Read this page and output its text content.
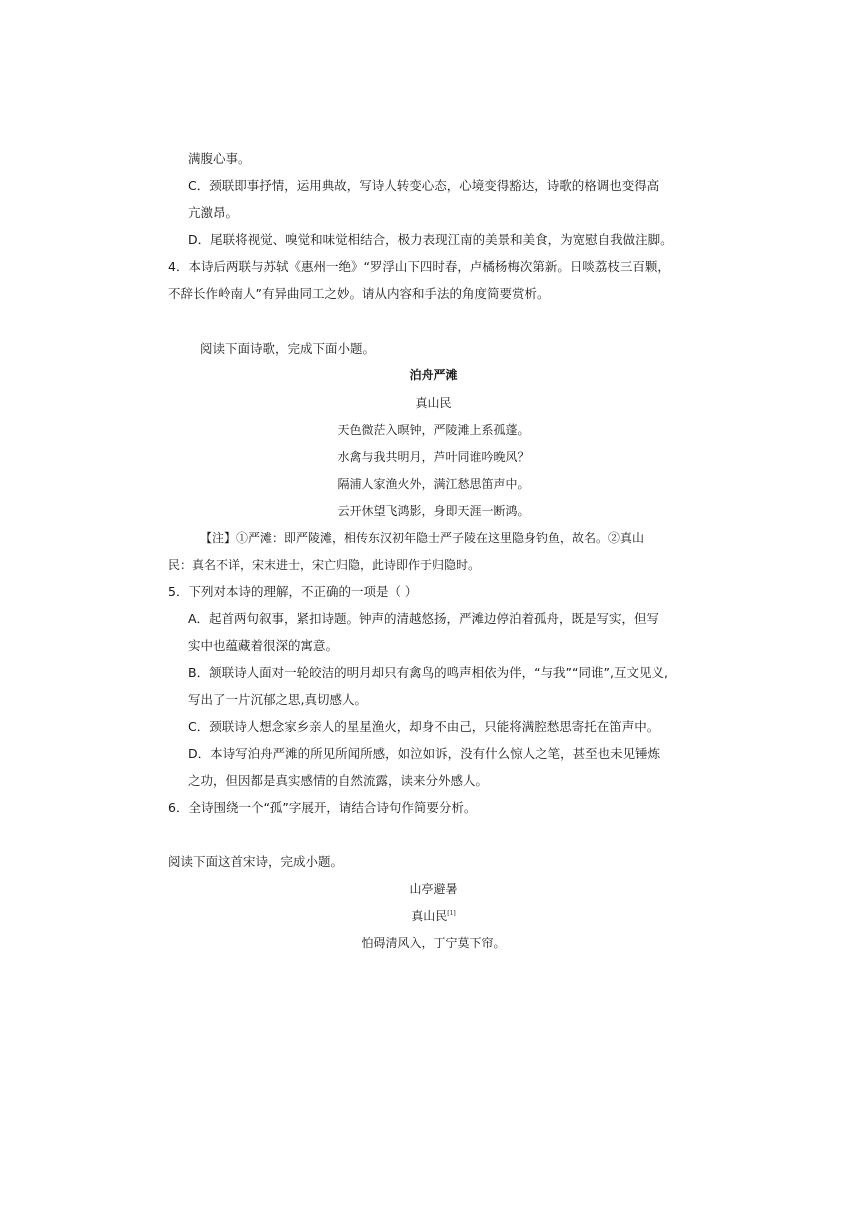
满腹心事。
C．颈联即事抒情，运用典故，写诗人转变心态，心境变得豁达，诗歌的格调也变得高
亢激昂。
D．尾联将视觉、嗅觉和味觉相结合，极力表现江南的美景和美食，为宽慰自我做注脚。
4．本诗后两联与苏轼《惠州一绝》“罗浮山下四时春，卢橘杨梅次第新。日啖荔枝三百颗，
不辞长作岭南人”有异曲同工之妙。请从内容和手法的角度简要赏析。
阅读下面诗歌，完成下面小题。
泊舟严滩
真山民
天色微茫入暝钟，严陵滩上系孤蓬。
水禽与我共明月，芦叶同谁吟晚风？
隔浦人家渔火外，满江愁思笛声中。
云开休望飞鸿影，身即天涯一断鸿。
【注】①严滩：即严陵滩，相传东汉初年隐士严子陵在这里隐身钓鱼，故名。②真山
民：真名不详，宋末进士，宋亡归隐，此诗即作于归隐时。
5．下列对本诗的理解，不正确的一项是（ ）
A．起首两句叙事，紧扣诗题。钟声的清越悠扬，严滩边停泊着孤舟，既是写实，但写
实中也蕴藏着很深的寓意。
B．颔联诗人面对一轮皎洁的明月却只有禽鸟的鸣声相依为伴，“与我”“同谁”,互文见义,
写出了一片沉郁之思,真切感人。
C．颈联诗人想念家乡亲人的星星渔火，却身不由己，只能将满腔愁思寄托在笛声中。
D．本诗写泊舟严滩的所见所闻所感，如泣如诉，没有什么惊人之笔，甚至也未见锤炼
之功，但因都是真实感情的自然流露，读来分外感人。
6．全诗围绕一个“孤”字展开，请结合诗句作简要分析。
阅读下面这首宋诗，完成小题。
山亭避暑
真山民[1]
怕碍清风入，丁宁莫下帘。
